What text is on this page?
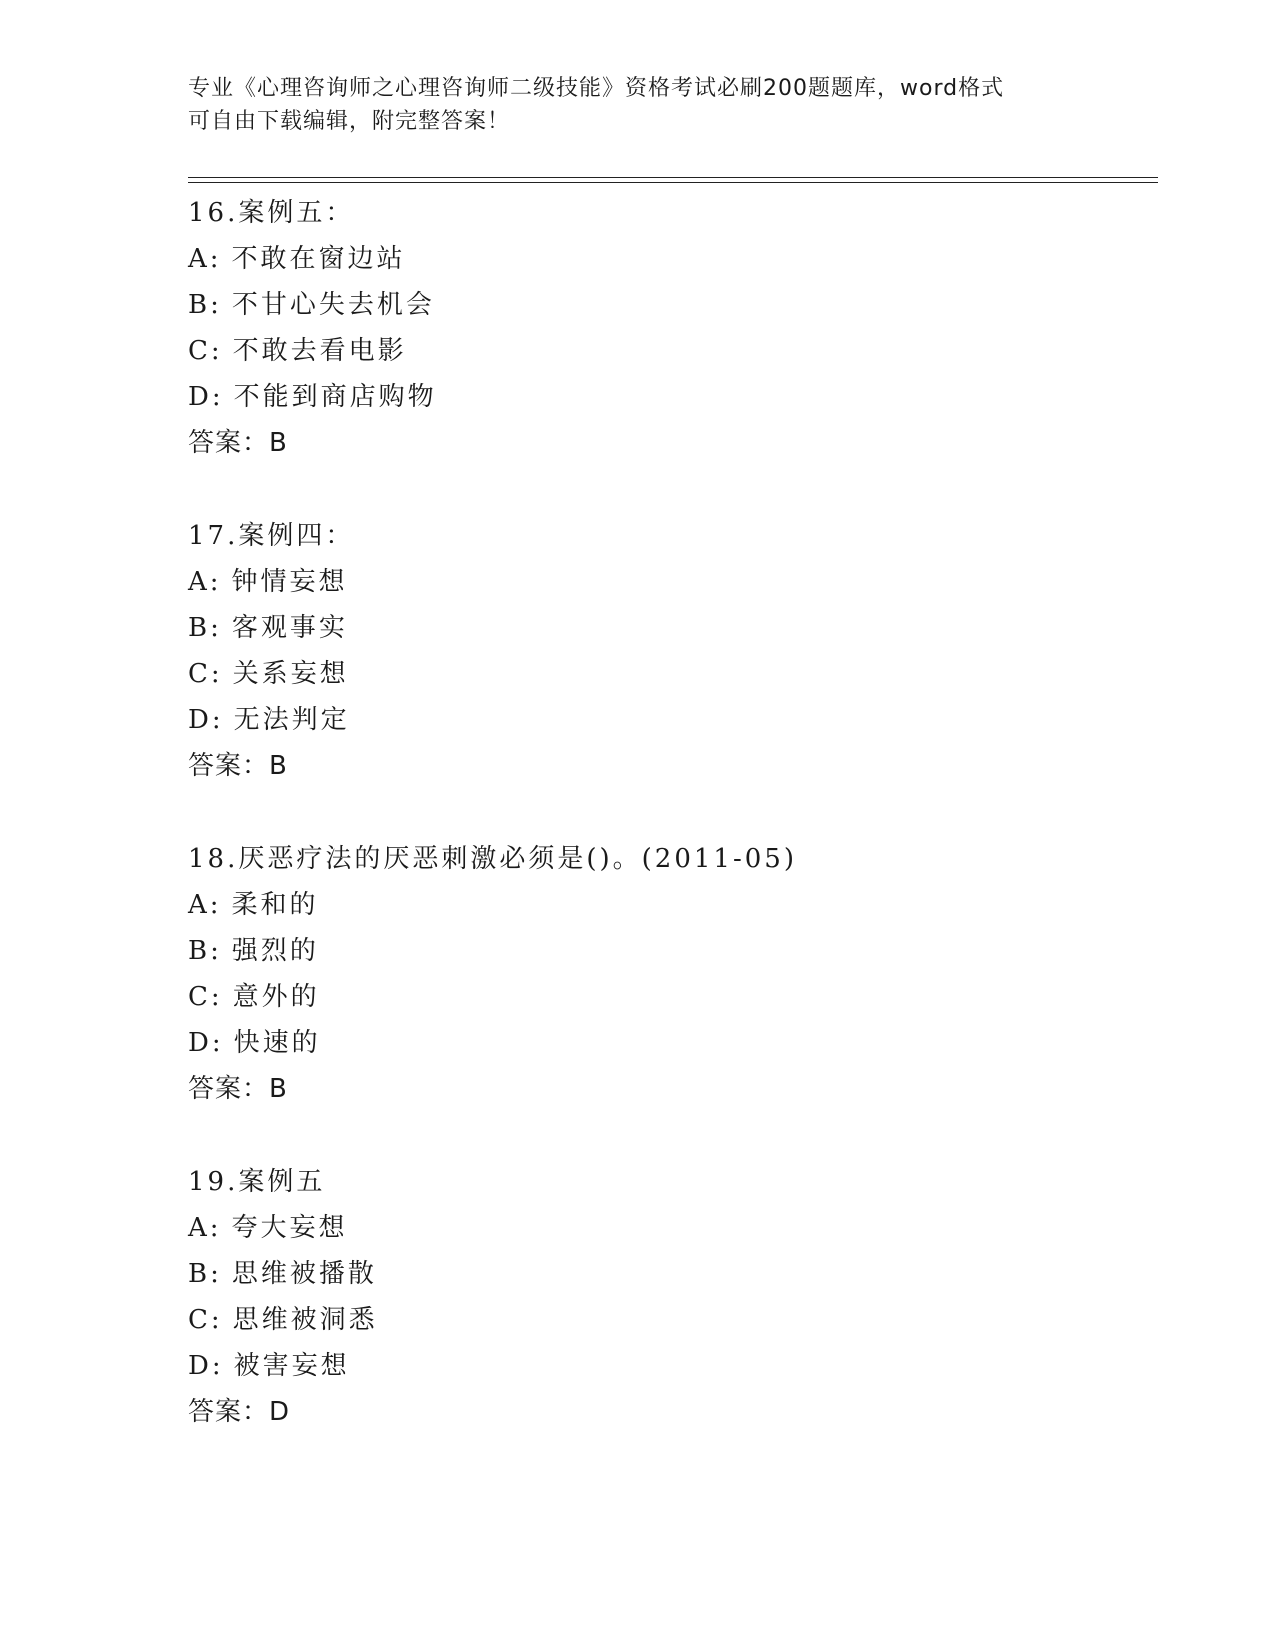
专业《心理咨询师之心理咨询师二级技能》资格考试必刷200题题库，word格式
可自由下载编辑，附完整答案！
16.案例五：
A: 不敢在窗边站
B: 不甘心失去机会
C: 不敢去看电影
D: 不能到商店购物
答案：B
17.案例四：
A: 钟情妄想
B: 客观事实
C: 关系妄想
D: 无法判定
答案：B
18.厌恶疗法的厌恶刺激必须是()。(2011-05)
A: 柔和的
B: 强烈的
C: 意外的
D: 快速的
答案：B
19.案例五
A: 夸大妄想
B: 思维被播散
C: 思维被洞悉
D: 被害妄想
答案：D
